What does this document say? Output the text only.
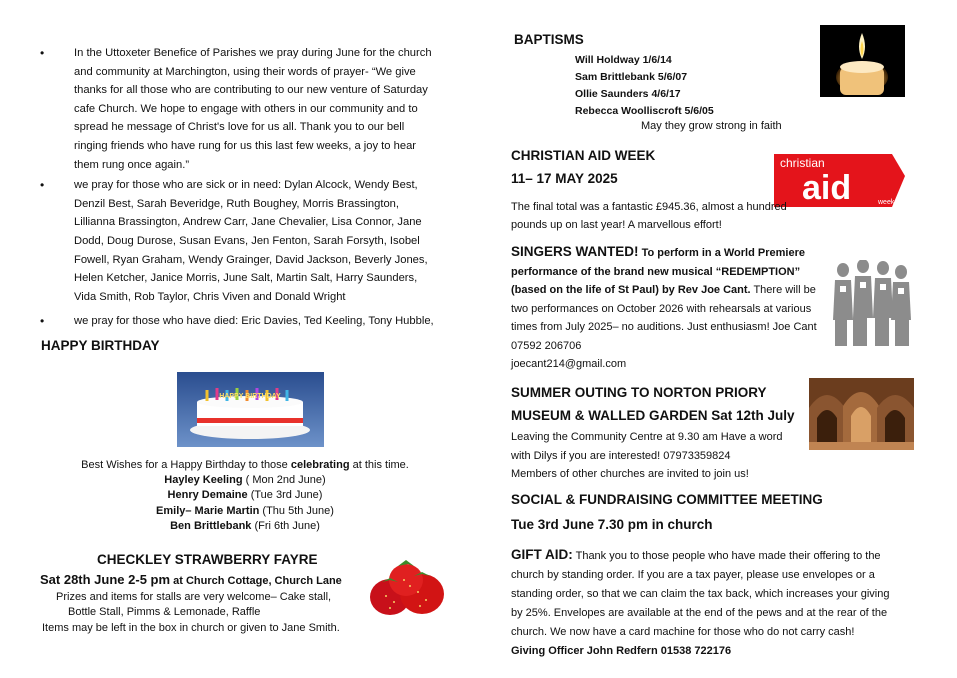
•	In the Uttoxeter Benefice of Parishes we pray during June for the church and community at Marchington, using their words of prayer- “We give thanks for all those who are contributing to our new venture of Saturday cafe Church. We hope to engage with others in our community and to spread he message of Christ's love for us all. Thank you to our bell ringing friends who have rung for us this last few weeks, a joy to hear them rung once again.”

•	we pray for those who are sick or in need: Dylan Alcock, Wendy Best, Denzil Best, Sarah Beveridge, Ruth Boughey, Morris Brassington, Lillianna Brassington, Andrew Carr, Jane Chevalier, Lisa Connor, Jane Dodd, Doug Durose, Susan Evans, Jen Fenton, Sarah Forsyth, Isobel Fowell, Ryan Graham, Wendy Grainger, David Jackson, Beverly Jones, Helen Ketcher, Janice Morris, June Salt, Martin Salt, Harry Saunders, Vida Smith, Rob Taylor, Chris Viven and Donald Wright

•	we pray for those who have died: Eric Davies, Ted Keeling, Tony Hubble,

HAPPY BIRTHDAY
HAPPY BIRTHDAY
Best Wishes for a Happy Birthday to those celebrating at this time.
Hayley Keeling ( Mon 2nd June)
Henry Demaine (Tue 3rd June)
Emily– Marie Martin (Thu 5th June)
Ben Brittlebank (Fri 6th June)
CHECKLEY STRAWBERRY FAYRE
Sat 28th June 2-5 pm at Church Cottage, Church Lane
Prizes and items for stalls are very welcome– Cake stall,
Bottle Stall, Pimms & Lemonade, Raffle
Items may be left in the box in church or given to Jane Smith.
BAPTISMS
Will Holdway 1/6/14
Sam Brittlebank 5/6/07
Ollie Saunders 4/6/17
Rebecca Woolliscroft 5/6/05
May they grow strong in faith
CHRISTIAN AID WEEK
11– 17 MAY 2025
christian
aid	week
The final total was a fantastic £945.36, almost a hundred pounds up on last year! A marvellous effort!
SINGERS WANTED! To perform in a World Premiere performance of the brand new musical “REDEMPTION” (based on the life of St Paul) by Rev Joe Cant. There will be two performances on October 2026 with rehearsals at various times from July 2025– no auditions. Just enthusiasm! Joe Cant 07592 206706
joecant214@gmail.com
SUMMER OUTING TO NORTON PRIORY
MUSEUM & WALLED GARDEN Sat 12th July
Leaving the Community Centre at 9.30 am Have a word
with Dilys if you are interested! 07973359824
Members of other churches are invited to join us!
SOCIAL & FUNDRAISING COMMITTEE MEETING
Tue 3rd June 7.30 pm in church
GIFT AID: Thank you to those people who have made their offering to the church by standing order. If you are a tax payer, please use envelopes or a standing order, so that we can claim the tax back, which increases your giving by 25%. Envelopes are available at the end of the pews and at the rear of the church. We now have a card machine for those who do not carry cash!
Giving Officer John Redfern 01538 722176
